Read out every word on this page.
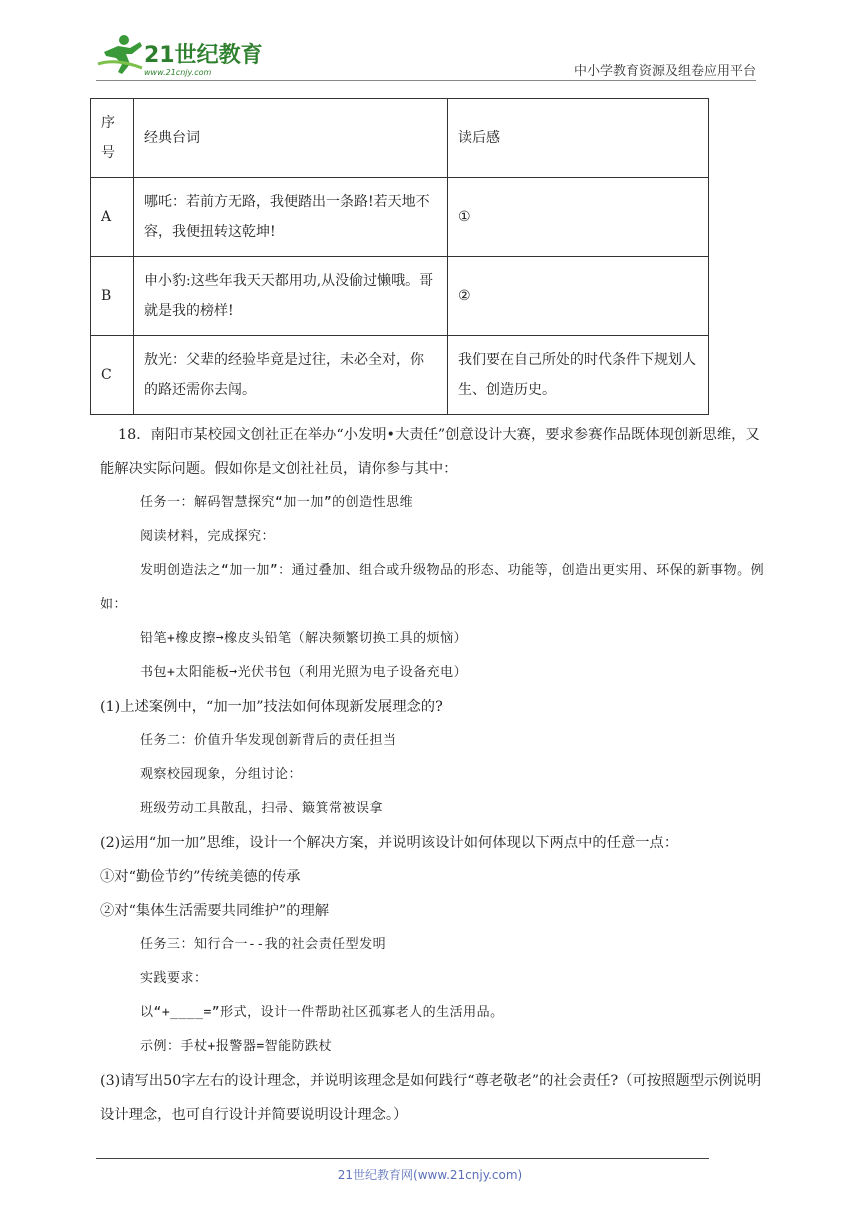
21世纪教育
www.21cnjy.com	中小学教育资源及组卷应用平台
序号	经典台词	读后感
A	哪吒：若前方无路，我便踏出一条路!若天地不容，我便扭转这乾坤!	①
B	申小豹:这些年我天天都用功,从没偷过懒哦。哥就是我的榜样!	②
C	敖光：父辈的经验毕竟是过往，未必全对，你的路还需你去闯。	我们要在自己所处的时代条件下规划人生、创造历史。

18．南阳市某校园文创社正在举办“小发明•大责任”创意设计大赛，要求参赛作品既体现创新思维，又能解决实际问题。假如你是文创社社员，请你参与其中：

任务一：解码智慧探究“加一加”的创造性思维

阅读材料，完成探究：

发明创造法之“加一加”：通过叠加、组合或升级物品的形态、功能等，创造出更实用、环保的新事物。例如：

铅笔+橡皮擦➞橡皮头铅笔（解决频繁切换工具的烦恼）

书包+太阳能板➞光伏书包（利用光照为电子设备充电）

(1)上述案例中，“加一加”技法如何体现新发展理念的?

任务二：价值升华发现创新背后的责任担当

观察校园现象，分组讨论：

班级劳动工具散乱，扫帚、簸箕常被误拿

(2)运用“加一加”思维，设计一个解决方案，并说明该设计如何体现以下两点中的任意一点：

①对“勤俭节约”传统美德的传承

②对“集体生活需要共同维护”的理解

任务三：知行合一--我的社会责任型发明

实践要求：

以“+____=”形式，设计一件帮助社区孤寡老人的生活用品。

示例：手杖+报警器=智能防跌杖

(3)请写出50字左右的设计理念，并说明该理念是如何践行“尊老敬老”的社会责任?（可按照题型示例说明设计理念，也可自行设计并简要说明设计理念。）

21世纪教育网(www.21cnjy.com)
